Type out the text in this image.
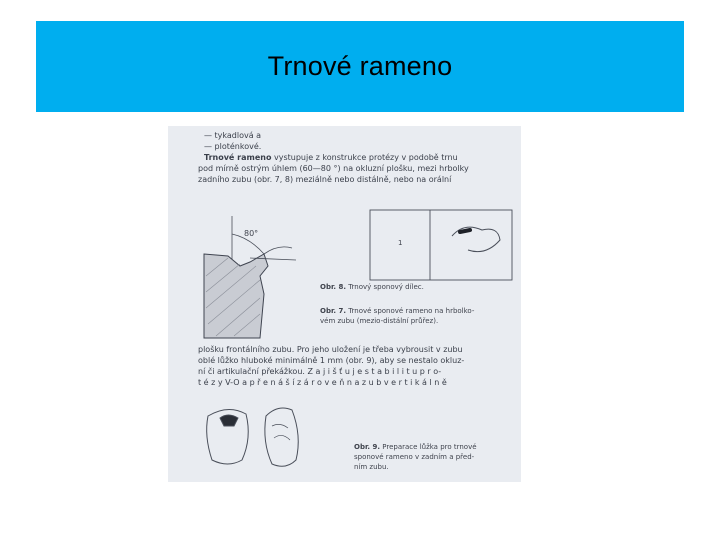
Trnové rameno
— tykadlová a
— ploténkové.
Trnové rameno vystupuje z konstrukce protézy v podobě trnu
pod mírně ostrým úhlem (60—80 °) na okluzní plošku, mezi hrbolky
zadního zubu (obr. 7, 8) meziálně nebo distálně, nebo na orální
80°
1
Obr. 8. Trnový sponový dílec.
Obr. 7. Trnové sponové rameno na hrbolko-
vém zubu (mezio-distální průřez).
plošku frontálního zubu. Pro jeho uložení je třeba vybrousit v zubu
oblé lůžko hluboké minimálně 1 mm (obr. 9), aby se nestalo okluz-
ní či artikulační překážkou. Z a j i š ť u j e s t a b i l i t u p r o-
t é z y V-O a p ř e n á š í z á r o v e ň n a z u b v e r t i k á l n ě
Obr. 9. Preparace lůžka pro trnové
sponové rameno v zadním a před-
ním zubu.
